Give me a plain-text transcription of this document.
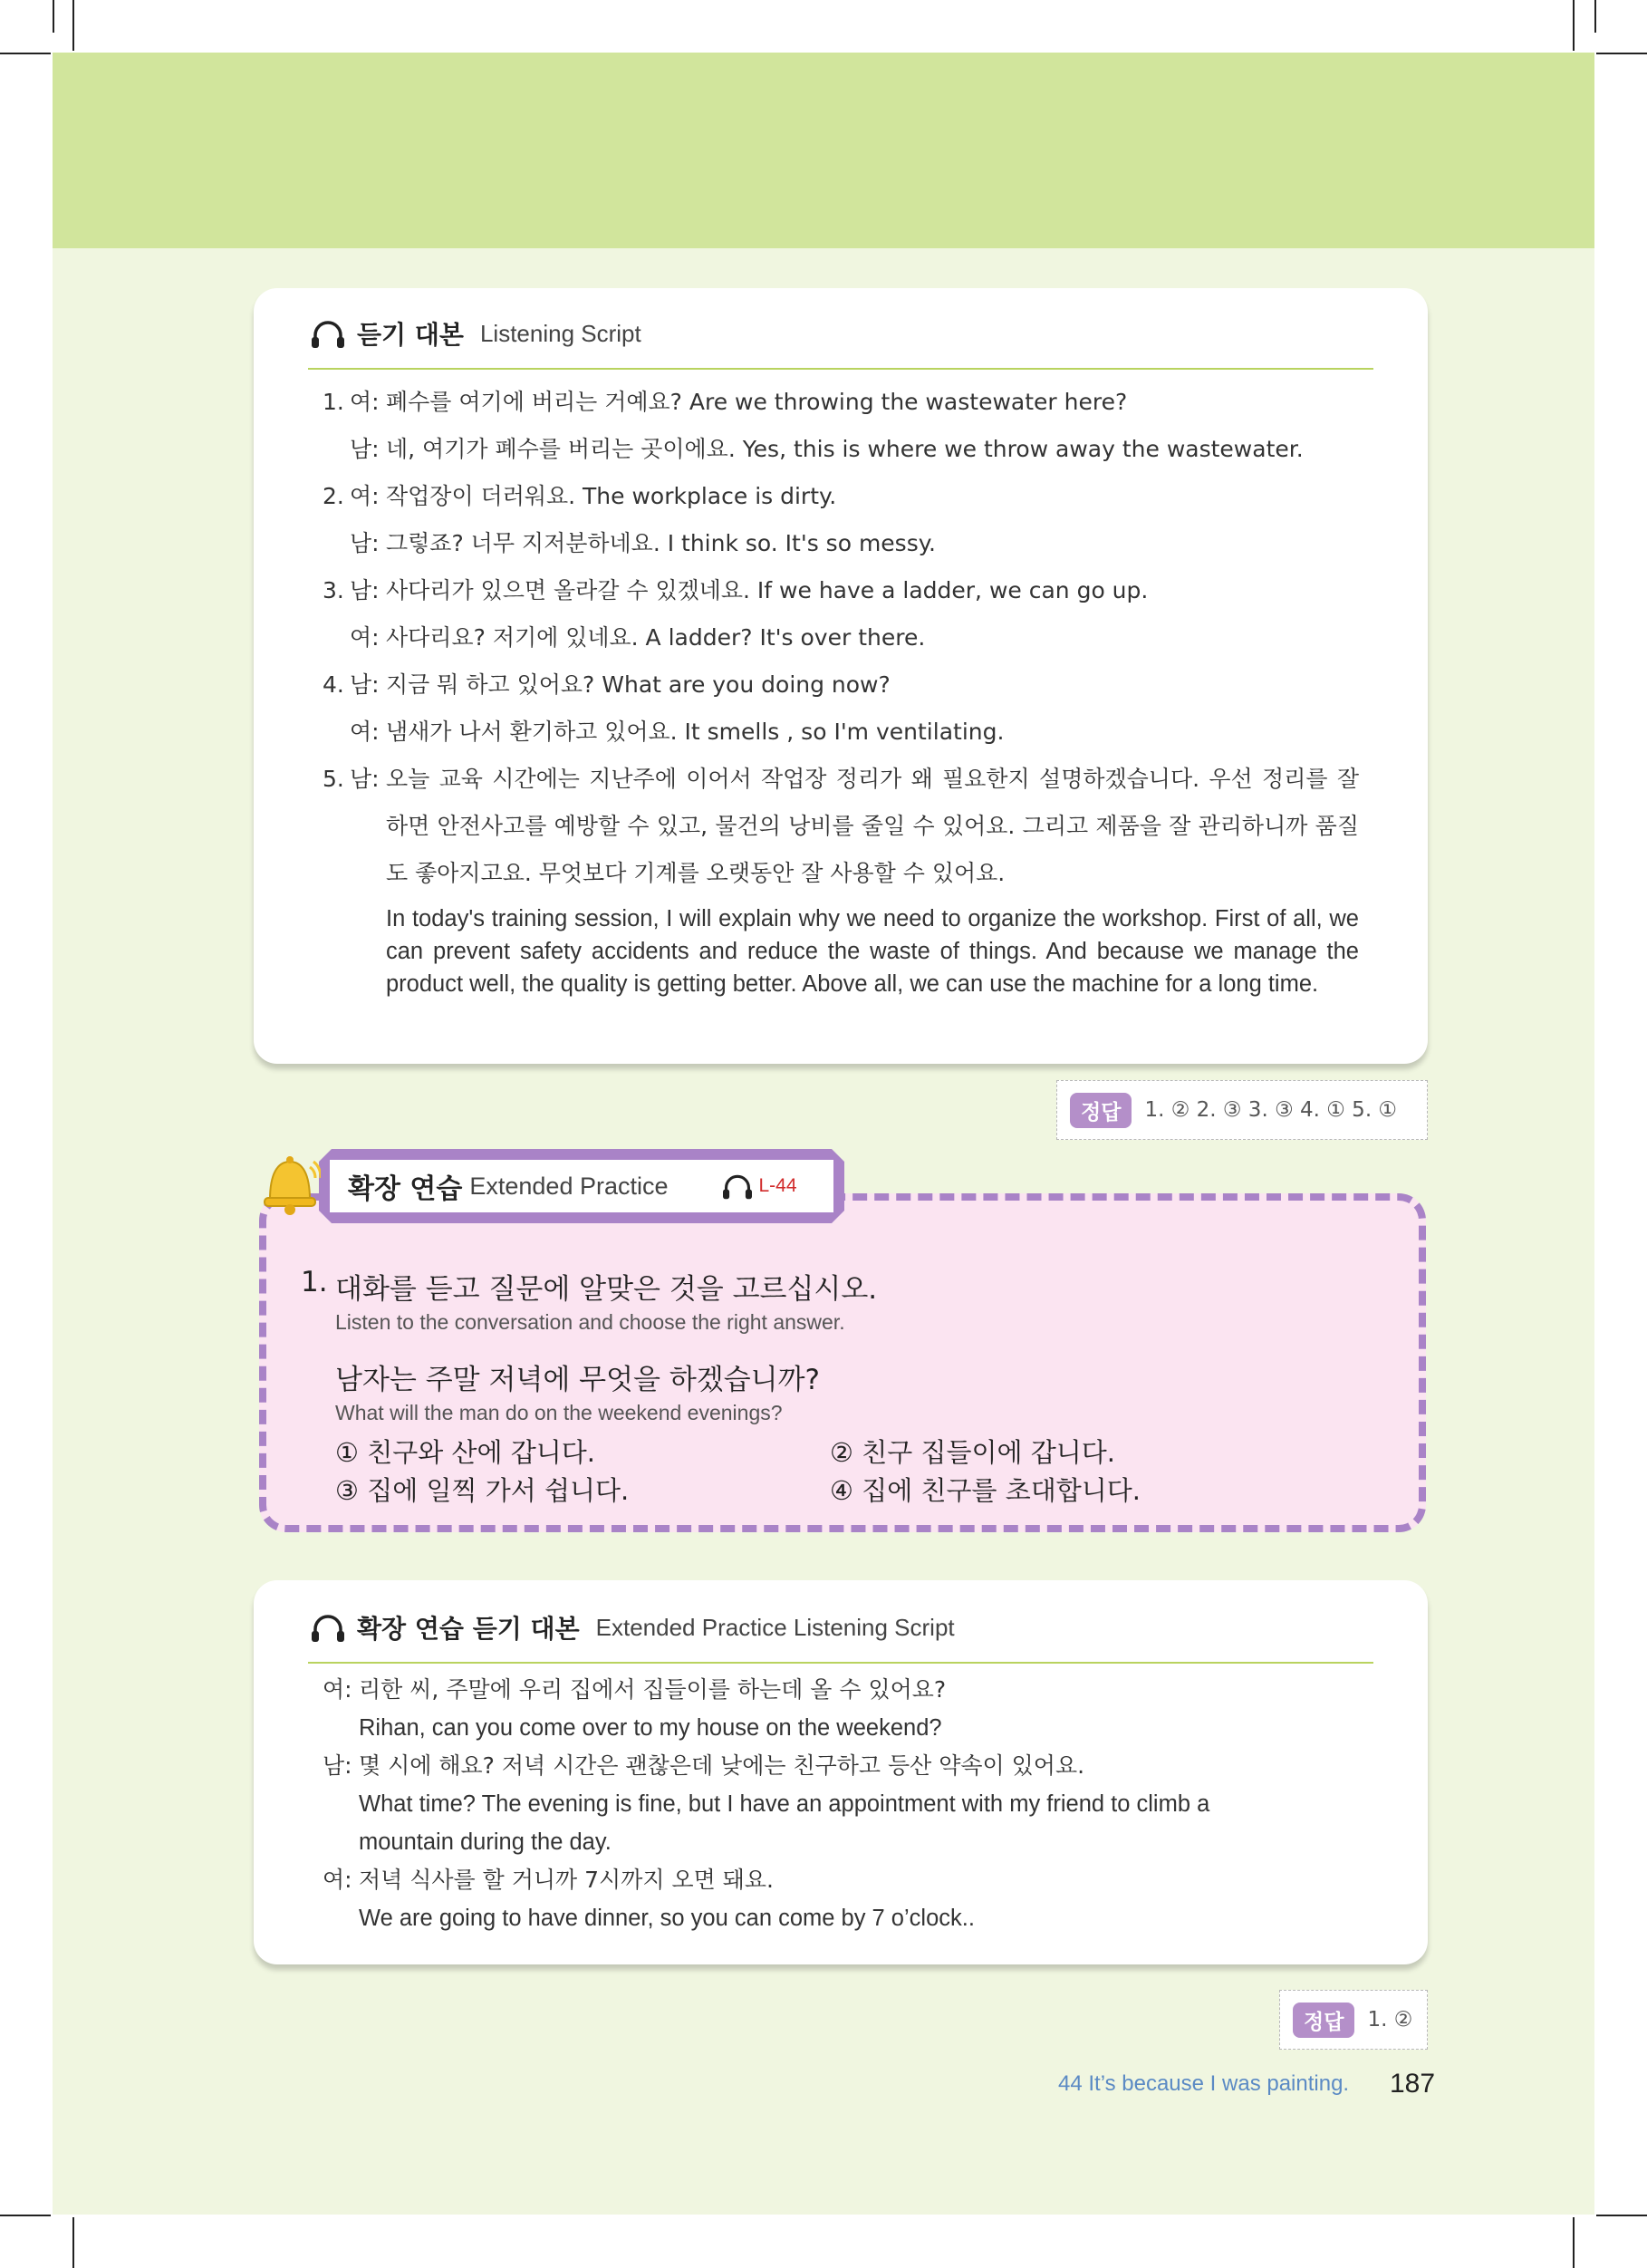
듣기 대본 Listening Script
1. 여: 폐수를 여기에 버리는 거예요? Are we throwing the wastewater here?
남: 네, 여기가 폐수를 버리는 곳이에요. Yes, this is where we throw away the wastewater.
2. 여: 작업장이 더러워요. The workplace is dirty.
남: 그렇죠? 너무 지저분하네요. I think so. It's so messy.
3. 남: 사다리가 있으면 올라갈 수 있겠네요. If we have a ladder, we can go up.
여: 사다리요? 저기에 있네요. A ladder? It's over there.
4. 남: 지금 뭐 하고 있어요? What are you doing now?
여: 냄새가 나서 환기하고 있어요. It smells , so I'm ventilating.
5. 남: 오늘 교육 시간에는 지난주에 이어서 작업장 정리가 왜 필요한지 설명하겠습니다. 우선 정리를 잘 하면 안전사고를 예방할 수 있고, 물건의 낭비를 줄일 수 있어요. 그리고 제품을 잘 관리하니까 품질도 좋아지고요. 무엇보다 기계를 오랫동안 잘 사용할 수 있어요.
In today's training session, I will explain why we need to organize the workshop. First of all, we can prevent safety accidents and reduce the waste of things. And because we manage the product well, the quality is getting better. Above all, we can use the machine for a long time.
정답	1. ② 2. ③ 3. ③ 4. ① 5. ①
1. 대화를 듣고 질문에 알맞은 것을 고르십시오.
Listen to the conversation and choose the right answer.
남자는 주말 저녁에 무엇을 하겠습니까?
What will the man do on the weekend evenings?
① 친구와 산에 갑니다.	② 친구 집들이에 갑니다.
③ 집에 일찍 가서 쉽니다.	④ 집에 친구를 초대합니다.
확장 연습 Extended Practice	L-44
확장 연습 듣기 대본 Extended Practice Listening Script
여: 리한 씨, 주말에 우리 집에서 집들이를 하는데 올 수 있어요?
Rihan, can you come over to my house on the weekend?
남: 몇 시에 해요? 저녁 시간은 괜찮은데 낮에는 친구하고 등산 약속이 있어요.
What time? The evening is fine, but I have an appointment with my friend to climb a mountain during the day.
여: 저녁 식사를 할 거니까 7시까지 오면 돼요.
We are going to have dinner, so you can come by 7 o’clock..
정답	1. ②
44 It’s because I was painting. 187
